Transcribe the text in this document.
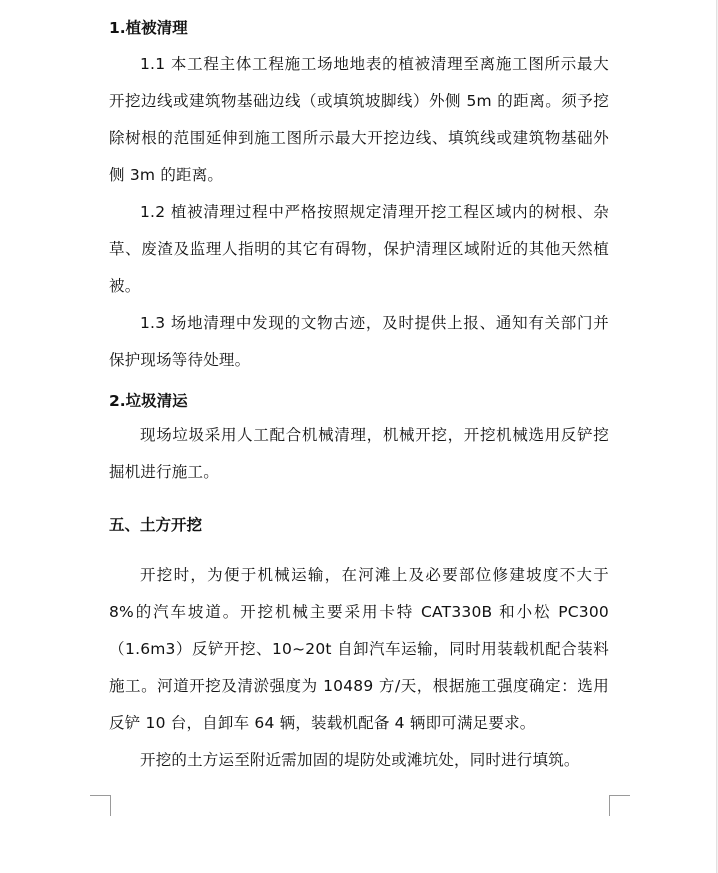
1.植被清理
1.1 本工程主体工程施工场地地表的植被清理至离施工图所示最大开挖边线或建筑物基础边线（或填筑坡脚线）外侧 5m 的距离。须予挖除树根的范围延伸到施工图所示最大开挖边线、填筑线或建筑物基础外侧 3m 的距离。
1.2 植被清理过程中严格按照规定清理开挖工程区域内的树根、杂草、废渣及监理人指明的其它有碍物，保护清理区域附近的其他天然植被。
1.3 场地清理中发现的文物古迹，及时提供上报、通知有关部门并保护现场等待处理。
2.垃圾清运
现场垃圾采用人工配合机械清理，机械开挖，开挖机械选用反铲挖掘机进行施工。
五、土方开挖
开挖时，为便于机械运输，在河滩上及必要部位修建坡度不大于 8%的汽车坡道。开挖机械主要采用卡特 CAT330B 和小松 PC300（1.6m3）反铲开挖、10~20t 自卸汽车运输，同时用装载机配合装料施工。河道开挖及清淤强度为 10489 方/天，根据施工强度确定：选用反铲 10 台，自卸车 64 辆，装载机配备 4 辆即可满足要求。
开挖的土方运至附近需加固的堤防处或滩坑处，同时进行填筑。
